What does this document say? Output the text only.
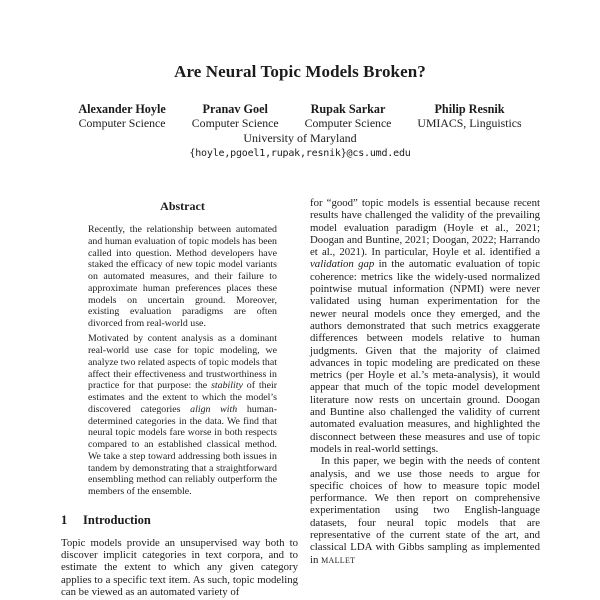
Are Neural Topic Models Broken?
Alexander Hoyle
Computer Science
Pranav Goel
Computer Science
Rupak Sarkar
Computer Science
Philip Resnik
UMIACS, Linguistics
University of Maryland
{hoyle,pgoel1,rupak,resnik}@cs.umd.edu
Abstract

Recently, the relationship between automated and human evaluation of topic models has been called into question. Method developers have staked the efficacy of new topic model variants on automated measures, and their failure to approximate human preferences places these models on uncertain ground. Moreover, existing evaluation paradigms are often divorced from real-world use.

Motivated by content analysis as a dominant real-world use case for topic modeling, we analyze two related aspects of topic models that affect their effectiveness and trustworthiness in practice for that purpose: the stability of their estimates and the extent to which the model’s discovered categories align with human-determined categories in the data. We find that neural topic models fare worse in both respects compared to an established classical method. We take a step toward addressing both issues in tandem by demonstrating that a straightforward ensembling method can reliably outperform the members of the ensemble.

1	Introduction

Topic models provide an unsupervised way both to discover implicit categories in text corpora, and to estimate the extent to which any given category applies to a specific text item. As such, topic modeling can be viewed as an automated variety of

for “good” topic models is essential because recent results have challenged the validity of the prevailing model evaluation paradigm (Hoyle et al., 2021; Doogan and Buntine, 2021; Doogan, 2022; Harrando et al., 2021). In particular, Hoyle et al. identified a validation gap in the automatic evaluation of topic coherence: metrics like the widely-used normalized pointwise mutual information (NPMI) were never validated using human experimentation for the newer neural models once they emerged, and the authors demonstrated that such metrics exaggerate differences between models relative to human judgments. Given that the majority of claimed advances in topic modeling are predicated on these metrics (per Hoyle et al.’s meta-analysis), it would appear that much of the topic model development literature now rests on uncertain ground. Doogan and Buntine also challenged the validity of current automated evaluation measures, and highlighted the disconnect between these measures and use of topic models in real-world settings.

In this paper, we begin with the needs of content analysis, and we use those needs to argue for specific choices of how to measure topic model performance. We then report on comprehensive experimentation using two English-language datasets, four neural topic models that are representative of the current state of the art, and classical LDA with Gibbs sampling as implemented in MALLET
